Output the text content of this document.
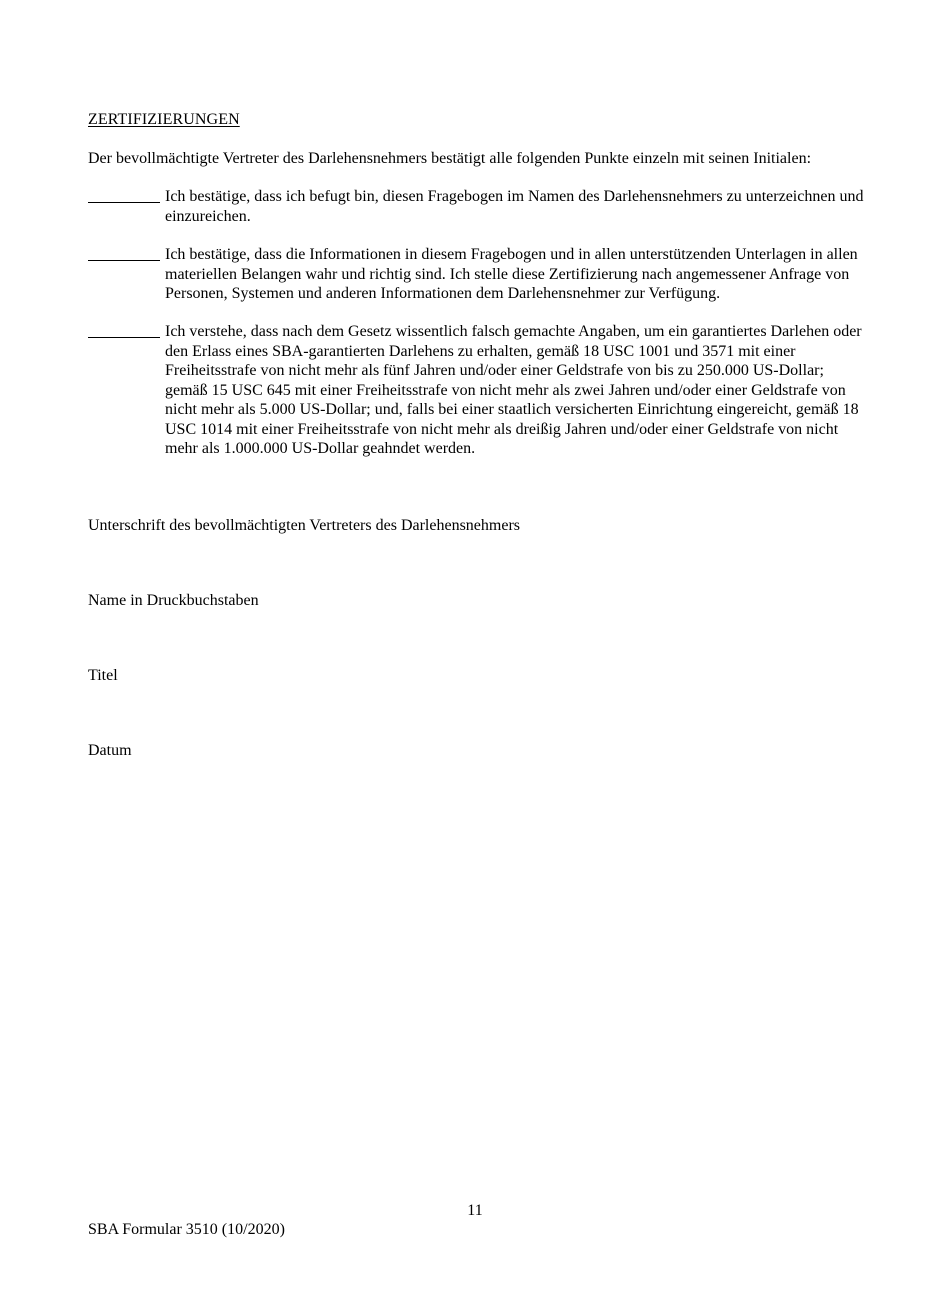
ZERTIFIZIERUNGEN
Der bevollmächtigte Vertreter des Darlehensnehmers bestätigt alle folgenden Punkte einzeln mit seinen Initialen:
Ich bestätige, dass ich befugt bin, diesen Fragebogen im Namen des Darlehensnehmers zu unterzeichnen und einzureichen.
Ich bestätige, dass die Informationen in diesem Fragebogen und in allen unterstützenden Unterlagen in allen materiellen Belangen wahr und richtig sind. Ich stelle diese Zertifizierung nach angemessener Anfrage von Personen, Systemen und anderen Informationen dem Darlehensnehmer zur Verfügung.
Ich verstehe, dass nach dem Gesetz wissentlich falsch gemachte Angaben, um ein garantiertes Darlehen oder den Erlass eines SBA-garantierten Darlehens zu erhalten, gemäß 18 USC 1001 und 3571 mit einer Freiheitsstrafe von nicht mehr als fünf Jahren und/oder einer Geldstrafe von bis zu 250.000 US-Dollar; gemäß 15 USC 645 mit einer Freiheitsstrafe von nicht mehr als zwei Jahren und/oder einer Geldstrafe von nicht mehr als 5.000 US-Dollar; und, falls bei einer staatlich versicherten Einrichtung eingereicht, gemäß 18 USC 1014 mit einer Freiheitsstrafe von nicht mehr als dreißig Jahren und/oder einer Geldstrafe von nicht mehr als 1.000.000 US-Dollar geahndet werden.
Unterschrift des bevollmächtigten Vertreters des Darlehensnehmers
Name in Druckbuchstaben
Titel
Datum
11
SBA Formular 3510 (10/2020)
